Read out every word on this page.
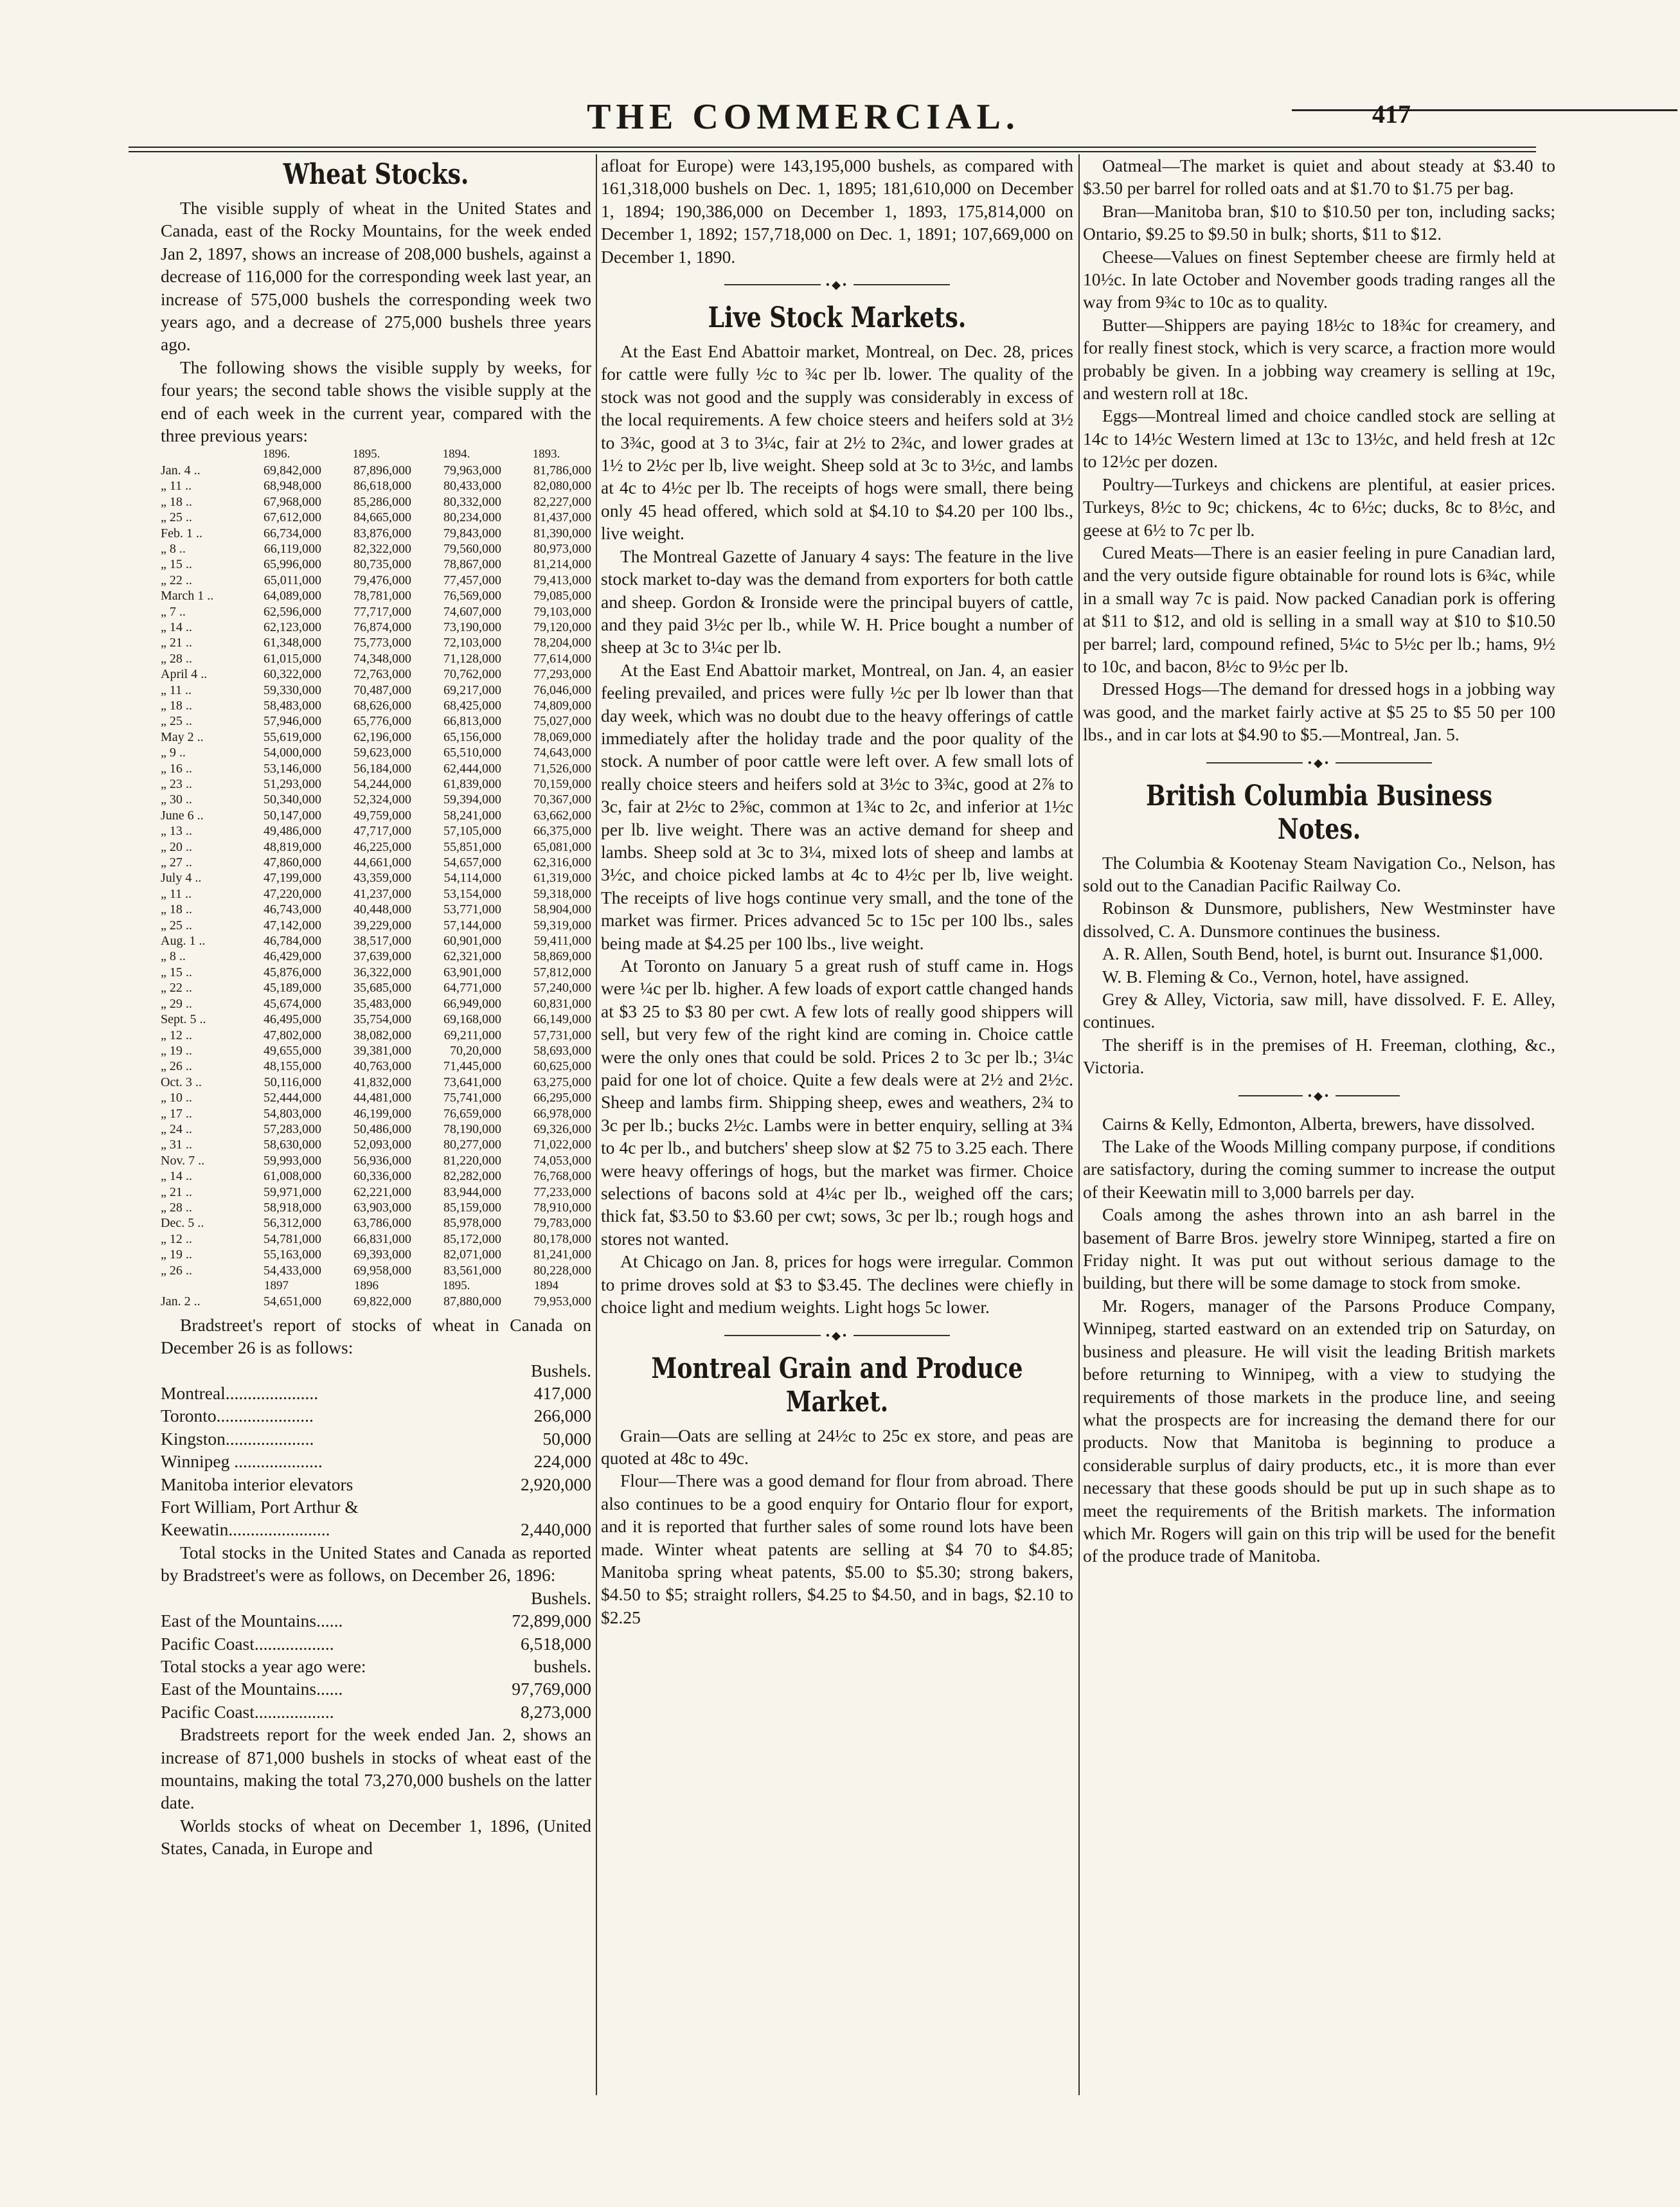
THE COMMERCIAL.	417
Wheat Stocks.

The visible supply of wheat in the United States and Canada, east of the Rocky Mountains, for the week ended Jan 2, 1897, shows an increase of 208,000 bushels, against a decrease of 116,000 for the corresponding week last year, an increase of 575,000 bushels the corresponding week two years ago, and a decrease of 275,000 bushels three years ago.

The following shows the visible supply by weeks, for four years; the second table shows the visible supply at the end of each week in the current year, compared with the three previous years:

	1896.	1895.	1894.	1893.
Jan. 4 ..	69,842,000	87,896,000	79,963,000	81,786,000
„ 11 ..	68,948,000	86,618,000	80,433,000	82,080,000
„ 18 ..	67,968,000	85,286,000	80,332,000	82,227,000
„ 25 ..	67,612,000	84,665,000	80,234,000	81,437,000
Feb. 1 ..	66,734,000	83,876,000	79,843,000	81,390,000
„ 8 ..	66,119,000	82,322,000	79,560,000	80,973,000
„ 15 ..	65,996,000	80,735,000	78,867,000	81,214,000
„ 22 ..	65,011,000	79,476,000	77,457,000	79,413,000
March 1 ..	64,089,000	78,781,000	76,569,000	79,085,000
„ 7 ..	62,596,000	77,717,000	74,607,000	79,103,000
„ 14 ..	62,123,000	76,874,000	73,190,000	79,120,000
„ 21 ..	61,348,000	75,773,000	72,103,000	78,204,000
„ 28 ..	61,015,000	74,348,000	71,128,000	77,614,000
April 4 ..	60,322,000	72,763,000	70,762,000	77,293,000
„ 11 ..	59,330,000	70,487,000	69,217,000	76,046,000
„ 18 ..	58,483,000	68,626,000	68,425,000	74,809,000
„ 25 ..	57,946,000	65,776,000	66,813,000	75,027,000
May 2 ..	55,619,000	62,196,000	65,156,000	78,069,000
„ 9 ..	54,000,000	59,623,000	65,510,000	74,643,000
„ 16 ..	53,146,000	56,184,000	62,444,000	71,526,000
„ 23 ..	51,293,000	54,244,000	61,839,000	70,159,000
„ 30 ..	50,340,000	52,324,000	59,394,000	70,367,000
June 6 ..	50,147,000	49,759,000	58,241,000	63,662,000
„ 13 ..	49,486,000	47,717,000	57,105,000	66,375,000
„ 20 ..	48,819,000	46,225,000	55,851,000	65,081,000
„ 27 ..	47,860,000	44,661,000	54,657,000	62,316,000
July 4 ..	47,199,000	43,359,000	54,114,000	61,319,000
„ 11 ..	47,220,000	41,237,000	53,154,000	59,318,000
„ 18 ..	46,743,000	40,448,000	53,771,000	58,904,000
„ 25 ..	47,142,000	39,229,000	57,144,000	59,319,000
Aug. 1 ..	46,784,000	38,517,000	60,901,000	59,411,000
„ 8 ..	46,429,000	37,639,000	62,321,000	58,869,000
„ 15 ..	45,876,000	36,322,000	63,901,000	57,812,000
„ 22 ..	45,189,000	35,685,000	64,771,000	57,240,000
„ 29 ..	45,674,000	35,483,000	66,949,000	60,831,000
Sept. 5 ..	46,495,000	35,754,000	69,168,000	66,149,000
„ 12 ..	47,802,000	38,082,000	69,211,000	57,731,000
„ 19 ..	49,655,000	39,381,000	70,20,000	58,693,000
„ 26 ..	48,155,000	40,763,000	71,445,000	60,625,000
Oct. 3 ..	50,116,000	41,832,000	73,641,000	63,275,000
„ 10 ..	52,444,000	44,481,000	75,741,000	66,295,000
„ 17 ..	54,803,000	46,199,000	76,659,000	66,978,000
„ 24 ..	57,283,000	50,486,000	78,190,000	69,326,000
„ 31 ..	58,630,000	52,093,000	80,277,000	71,022,000
Nov. 7 ..	59,993,000	56,936,000	81,220,000	74,053,000
„ 14 ..	61,008,000	60,336,000	82,282,000	76,768,000
„ 21 ..	59,971,000	62,221,000	83,944,000	77,233,000
„ 28 ..	58,918,000	63,903,000	85,159,000	78,910,000
Dec. 5 ..	56,312,000	63,786,000	85,978,000	79,783,000
„ 12 ..	54,781,000	66,831,000	85,172,000	80,178,000
„ 19 ..	55,163,000	69,393,000	82,071,000	81,241,000
„ 26 ..	54,433,000	69,958,000	83,561,000	80,228,000
	1897	1896	1895.	1894
Jan. 2 ..	54,651,000	69,822,000	87,880,000	79,953,000

Bradstreet's report of stocks of wheat in Canada on December 26 is as follows:

	Bushels.
Montreal.....................	417,000
Toronto......................	266,000
Kingston....................	50,000
Winnipeg ....................	224,000
Manitoba interior elevators	2,920,000
Fort William, Port Arthur &	
Keewatin.......................	2,440,000

Total stocks in the United States and Canada as reported by Bradstreet's were as follows, on December 26, 1896:

	Bushels.
East of the Mountains......	72,899,000
Pacific Coast..................	6,518,000
Total stocks a year ago were:	bushels.
East of the Mountains......	97,769,000
Pacific Coast..................	8,273,000

Bradstreets report for the week ended Jan. 2, shows an increase of 871,000 bushels in stocks of wheat east of the mountains, making the total 73,270,000 bushels on the latter date.

Worlds stocks of wheat on December 1, 1896, (United States, Canada, in Europe and

afloat for Europe) were 143,195,000 bushels, as compared with 161,318,000 bushels on Dec. 1, 1895; 181,610,000 on December 1, 1894; 190,386,000 on December 1, 1893, 175,814,000 on December 1, 1892; 157,718,000 on Dec. 1, 1891; 107,669,000 on December 1, 1890.

•◆•
Live Stock Markets.

At the East End Abattoir market, Montreal, on Dec. 28, prices for cattle were fully ½c to ¾c per lb. lower. The quality of the stock was not good and the supply was considerably in excess of the local requirements. A few choice steers and heifers sold at 3½ to 3¾c, good at 3 to 3¼c, fair at 2½ to 2¾c, and lower grades at 1½ to 2½c per lb, live weight. Sheep sold at 3c to 3½c, and lambs at 4c to 4½c per lb. The receipts of hogs were small, there being only 45 head offered, which sold at $4.10 to $4.20 per 100 lbs., live weight.

The Montreal Gazette of January 4 says: The feature in the live stock market to-day was the demand from exporters for both cattle and sheep. Gordon & Ironside were the principal buyers of cattle, and they paid 3½c per lb., while W. H. Price bought a number of sheep at 3c to 3¼c per lb.

At the East End Abattoir market, Montreal, on Jan. 4, an easier feeling prevailed, and prices were fully ½c per lb lower than that day week, which was no doubt due to the heavy offerings of cattle immediately after the holiday trade and the poor quality of the stock. A number of poor cattle were left over. A few small lots of really choice steers and heifers sold at 3½c to 3¾c, good at 2⅞ to 3c, fair at 2½c to 2⅝c, common at 1¾c to 2c, and inferior at 1½c per lb. live weight. There was an active demand for sheep and lambs. Sheep sold at 3c to 3¼, mixed lots of sheep and lambs at 3½c, and choice picked lambs at 4c to 4½c per lb, live weight. The receipts of live hogs continue very small, and the tone of the market was firmer. Prices advanced 5c to 15c per 100 lbs., sales being made at $4.25 per 100 lbs., live weight.

At Toronto on January 5 a great rush of stuff came in. Hogs were ¼c per lb. higher. A few loads of export cattle changed hands at $3 25 to $3 80 per cwt. A few lots of really good shippers will sell, but very few of the right kind are coming in. Choice cattle were the only ones that could be sold. Prices 2 to 3c per lb.; 3¼c paid for one lot of choice. Quite a few deals were at 2½ and 2½c. Sheep and lambs firm. Shipping sheep, ewes and weathers, 2¾ to 3c per lb.; bucks 2½c. Lambs were in better enquiry, selling at 3¾ to 4c per lb., and butchers' sheep slow at $2 75 to 3.25 each. There were heavy offerings of hogs, but the market was firmer. Choice selections of bacons sold at 4¼c per lb., weighed off the cars; thick fat, $3.50 to $3.60 per cwt; sows, 3c per lb.; rough hogs and stores not wanted.

At Chicago on Jan. 8, prices for hogs were irregular. Common to prime droves sold at $3 to $3.45. The declines were chiefly in choice light and medium weights. Light hogs 5c lower.

•◆•
Montreal Grain and Produce Market.

Grain—Oats are selling at 24½c to 25c ex store, and peas are quoted at 48c to 49c.

Flour—There was a good demand for flour from abroad. There also continues to be a good enquiry for Ontario flour for export, and it is reported that further sales of some round lots have been made. Winter wheat patents are selling at $4 70 to $4.85; Manitoba spring wheat patents, $5.00 to $5.30; strong bakers, $4.50 to $5; straight rollers, $4.25 to $4.50, and in bags, $2.10 to $2.25

Oatmeal—The market is quiet and about steady at $3.40 to $3.50 per barrel for rolled oats and at $1.70 to $1.75 per bag.

Bran—Manitoba bran, $10 to $10.50 per ton, including sacks; Ontario, $9.25 to $9.50 in bulk; shorts, $11 to $12.

Cheese—Values on finest September cheese are firmly held at 10½c. In late October and November goods trading ranges all the way from 9¾c to 10c as to quality.

Butter—Shippers are paying 18½c to 18¾c for creamery, and for really finest stock, which is very scarce, a fraction more would probably be given. In a jobbing way creamery is selling at 19c, and western roll at 18c.

Eggs—Montreal limed and choice candled stock are selling at 14c to 14½c Western limed at 13c to 13½c, and held fresh at 12c to 12½c per dozen.

Poultry—Turkeys and chickens are plentiful, at easier prices. Turkeys, 8½c to 9c; chickens, 4c to 6½c; ducks, 8c to 8½c, and geese at 6½ to 7c per lb.

Cured Meats—There is an easier feeling in pure Canadian lard, and the very outside figure obtainable for round lots is 6¾c, while in a small way 7c is paid. Now packed Canadian pork is offering at $11 to $12, and old is selling in a small way at $10 to $10.50 per barrel; lard, compound refined, 5¼c to 5½c per lb.; hams, 9½ to 10c, and bacon, 8½c to 9½c per lb.

Dressed Hogs—The demand for dressed hogs in a jobbing way was good, and the market fairly active at $5 25 to $5 50 per 100 lbs., and in car lots at $4.90 to $5.—Montreal, Jan. 5.

•◆•
British Columbia Business Notes.

The Columbia & Kootenay Steam Navigation Co., Nelson, has sold out to the Canadian Pacific Railway Co.

Robinson & Dunsmore, publishers, New Westminster have dissolved, C. A. Dunsmore continues the business.

A. R. Allen, South Bend, hotel, is burnt out. Insurance $1,000.

W. B. Fleming & Co., Vernon, hotel, have assigned.

Grey & Alley, Victoria, saw mill, have dissolved. F. E. Alley, continues.

The sheriff is in the premises of H. Freeman, clothing, &c., Victoria.

•◆•

Cairns & Kelly, Edmonton, Alberta, brewers, have dissolved.

The Lake of the Woods Milling company purpose, if conditions are satisfactory, during the coming summer to increase the output of their Keewatin mill to 3,000 barrels per day.

Coals among the ashes thrown into an ash barrel in the basement of Barre Bros. jewelry store Winnipeg, started a fire on Friday night. It was put out without serious damage to the building, but there will be some damage to stock from smoke.

Mr. Rogers, manager of the Parsons Produce Company, Winnipeg, started eastward on an extended trip on Saturday, on business and pleasure. He will visit the leading British markets before returning to Winnipeg, with a view to studying the requirements of those markets in the produce line, and seeing what the prospects are for increasing the demand there for our products. Now that Manitoba is beginning to produce a considerable surplus of dairy products, etc., it is more than ever necessary that these goods should be put up in such shape as to meet the requirements of the British markets. The information which Mr. Rogers will gain on this trip will be used for the benefit of the produce trade of Manitoba.
